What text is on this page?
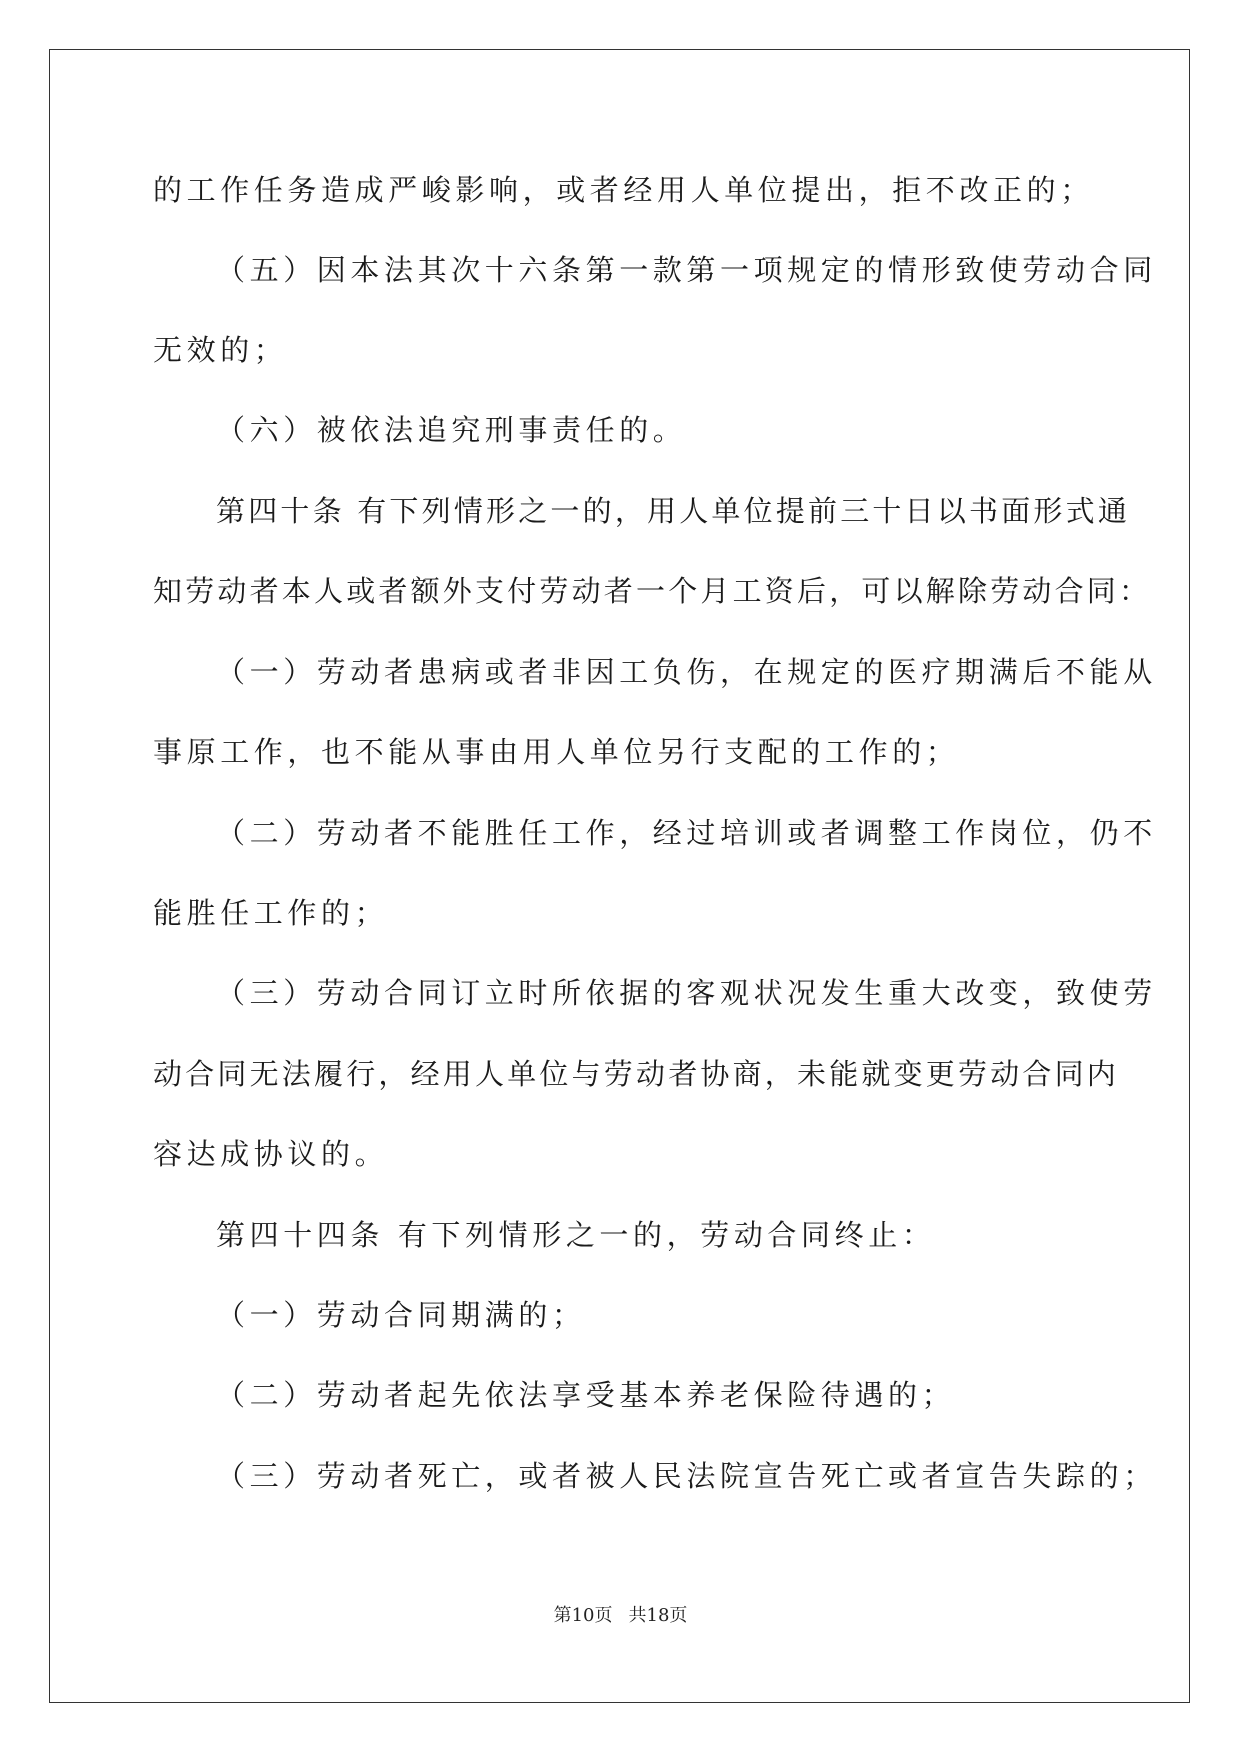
的工作任务造成严峻影响，或者经用人单位提出，拒不改正的；
（五）因本法其次十六条第一款第一项规定的情形致使劳动合同
无效的；
（六）被依法追究刑事责任的。
第四十条 有下列情形之一的，用人单位提前三十日以书面形式通
知劳动者本人或者额外支付劳动者一个月工资后，可以解除劳动合同：
（一）劳动者患病或者非因工负伤，在规定的医疗期满后不能从
事原工作，也不能从事由用人单位另行支配的工作的；
（二）劳动者不能胜任工作，经过培训或者调整工作岗位，仍不
能胜任工作的；
（三）劳动合同订立时所依据的客观状况发生重大改变，致使劳
动合同无法履行，经用人单位与劳动者协商，未能就变更劳动合同内
容达成协议的。
第四十四条 有下列情形之一的，劳动合同终止：
（一）劳动合同期满的；
（二）劳动者起先依法享受基本养老保险待遇的；
（三）劳动者死亡，或者被人民法院宣告死亡或者宣告失踪的；
第10页 共18页
